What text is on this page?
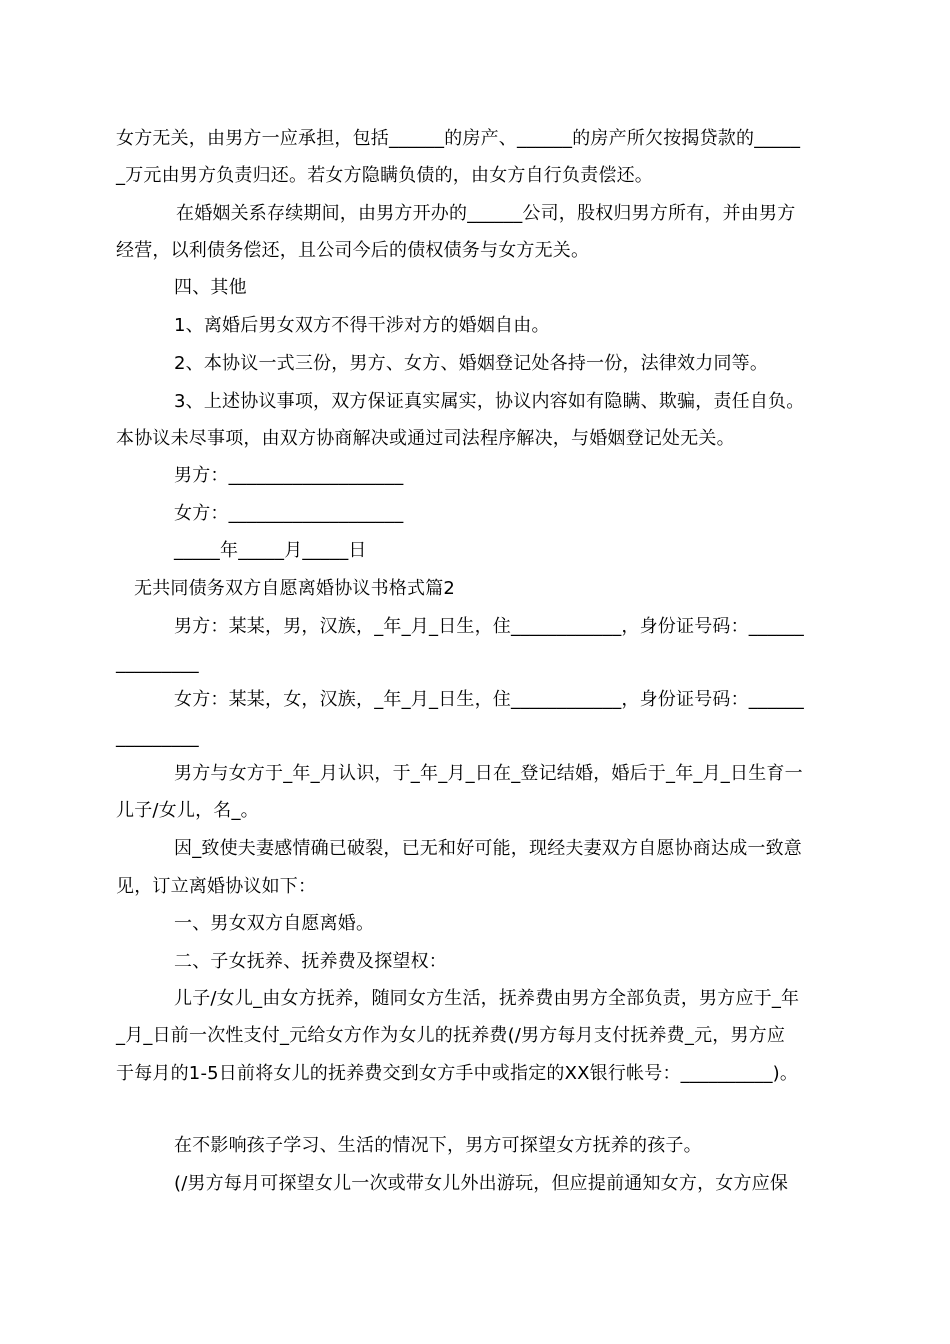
女方无关，由男方一应承担，包括______的房产、______的房产所欠按揭贷款的_____
_万元由男方负责归还。若女方隐瞒负债的，由女方自行负责偿还。
在婚姻关系存续期间，由男方开办的______公司，股权归男方所有，并由男方
经营，以利债务偿还，且公司今后的债权债务与女方无关。
四、其他
1、离婚后男女双方不得干涉对方的婚姻自由。
2、本协议一式三份，男方、女方、婚姻登记处各持一份，法律效力同等。
3、上述协议事项，双方保证真实属实，协议内容如有隐瞒、欺骗，责任自负。
本协议未尽事项，由双方协商解决或通过司法程序解决，与婚姻登记处无关。
男方：___________________
女方：___________________
_____年_____月_____日
无共同债务双方自愿离婚协议书格式篇2
男方：某某，男，汉族，_年_月_日生，住____________，身份证号码：______
_________
女方：某某，女，汉族，_年_月_日生，住____________，身份证号码：______
_________
男方与女方于_年_月认识，于_年_月_日在_登记结婚，婚后于_年_月_日生育一
儿子/女儿，名_。
因_致使夫妻感情确已破裂，已无和好可能，现经夫妻双方自愿协商达成一致意
见，订立离婚协议如下：
一、男女双方自愿离婚。
二、子女抚养、抚养费及探望权：
儿子/女儿_由女方抚养，随同女方生活，抚养费由男方全部负责，男方应于_年
_月_日前一次性支付_元给女方作为女儿的抚养费(/男方每月支付抚养费_元，男方应
于每月的1-5日前将女儿的抚养费交到女方手中或指定的XX银行帐号：__________)。
在不影响孩子学习、生活的情况下，男方可探望女方抚养的孩子。
(/男方每月可探望女儿一次或带女儿外出游玩，但应提前通知女方，女方应保
